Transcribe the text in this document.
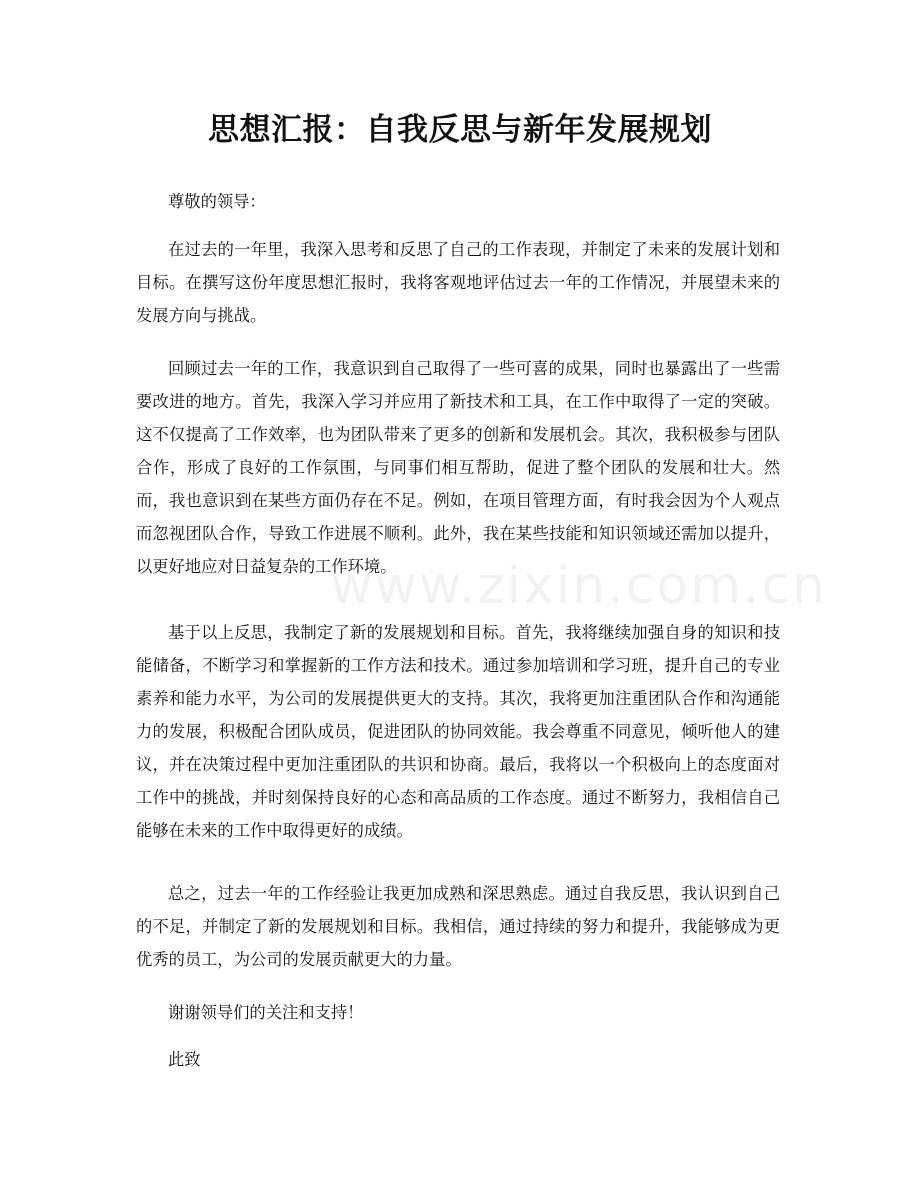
思想汇报：自我反思与新年发展规划

尊敬的领导：

在过去的一年里，我深入思考和反思了自己的工作表现，并制定了未来的发展计划和目标。在撰写这份年度思想汇报时，我将客观地评估过去一年的工作情况，并展望未来的发展方向与挑战。

回顾过去一年的工作，我意识到自己取得了一些可喜的成果，同时也暴露出了一些需要改进的地方。首先，我深入学习并应用了新技术和工具，在工作中取得了一定的突破。这不仅提高了工作效率，也为团队带来了更多的创新和发展机会。其次，我积极参与团队合作，形成了良好的工作氛围，与同事们相互帮助，促进了整个团队的发展和壮大。然而，我也意识到在某些方面仍存在不足。例如，在项目管理方面，有时我会因为个人观点而忽视团队合作，导致工作进展不顺利。此外，我在某些技能和知识领域还需加以提升，以更好地应对日益复杂的工作环境。

基于以上反思，我制定了新的发展规划和目标。首先，我将继续加强自身的知识和技能储备，不断学习和掌握新的工作方法和技术。通过参加培训和学习班，提升自己的专业素养和能力水平，为公司的发展提供更大的支持。其次，我将更加注重团队合作和沟通能力的发展，积极配合团队成员，促进团队的协同效能。我会尊重不同意见，倾听他人的建议，并在决策过程中更加注重团队的共识和协商。最后，我将以一个积极向上的态度面对工作中的挑战，并时刻保持良好的心态和高品质的工作态度。通过不断努力，我相信自己能够在未来的工作中取得更好的成绩。

总之，过去一年的工作经验让我更加成熟和深思熟虑。通过自我反思，我认识到自己的不足，并制定了新的发展规划和目标。我相信，通过持续的努力和提升，我能够成为更优秀的员工，为公司的发展贡献更大的力量。

谢谢领导们的关注和支持！

此致

www.zixin.com.cn
